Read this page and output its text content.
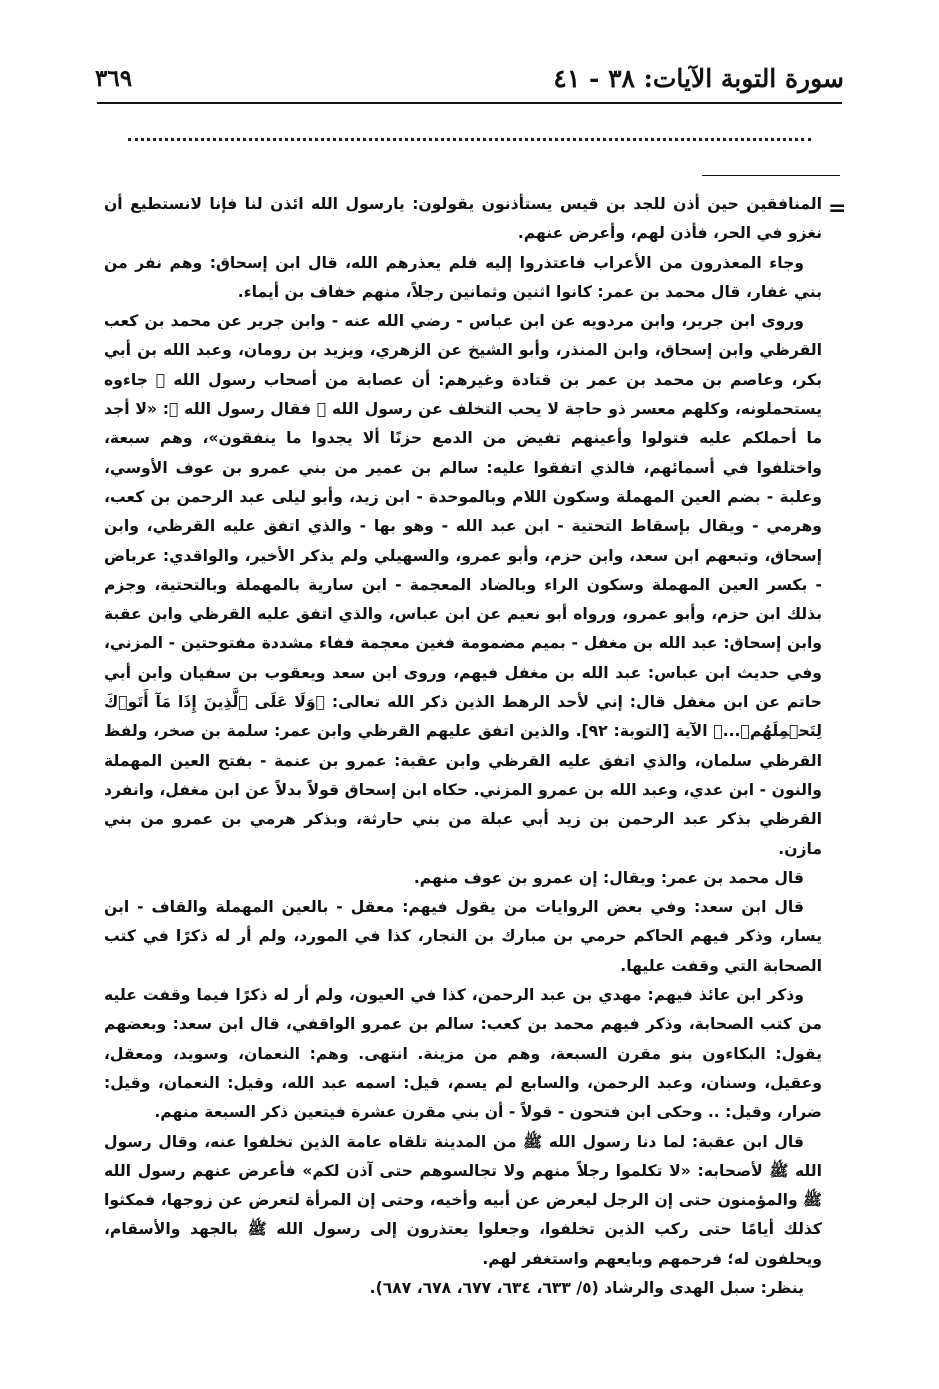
سورة التوبة الآيات: ٣٨ - ٤١
٣٦٩
=

المنافقين حين أذن للجد بن قيس يستأذنون يقولون: يارسول الله ائذن لنا فإنا لانستطيع أن نغزو في الحر، فأذن لهم، وأعرض عنهم.

وجاء المعذرون من الأعراب فاعتذروا إليه فلم يعذرهم الله، قال ابن إسحاق: وهم نفر من بني غفار، قال محمد بن عمر: كانوا اثنين وثمانين رجلاً، منهم خفاف بن أيماء.

وروى ابن جرير، وابن مردويه عن ابن عباس - رضي الله عنه - وابن جرير عن محمد بن كعب القرظي وابن إسحاق، وابن المنذر، وأبو الشيخ عن الزهري، ويزيد بن رومان، وعبد الله بن أبي بكر، وعاصم بن محمد بن عمر بن قتادة وغيرهم: أن عصابة من أصحاب رسول الله ﷺ جاءوه يستحملونه، وكلهم معسر ذو حاجة لا يحب التخلف عن رسول الله ﷺ فقال رسول الله ﷺ: «لا أجد ما أحملكم عليه فتولوا وأعينهم تفيض من الدمع حزنًا ألا يجدوا ما ينفقون»، وهم سبعة، واختلفوا في أسمائهم، فالذي اتفقوا عليه: سالم بن عمير من بني عمرو بن عوف الأوسي، وعلبة - بضم العين المهملة وسكون اللام وبالموحدة - ابن زيد، وأبو ليلى عبد الرحمن بن كعب، وهرمي - ويقال بإسقاط التحتية - ابن عبد الله - وهو بها - والذي اتفق عليه القرظي، وابن إسحاق، وتبعهم ابن سعد، وابن حزم، وأبو عمرو، والسهيلي ولم يذكر الأخير، والواقدي: عرباض - بكسر العين المهملة وسكون الراء وبالضاد المعجمة - ابن سارية بالمهملة وبالتحتية، وجزم بذلك ابن حزم، وأبو عمرو، ورواه أبو نعيم عن ابن عباس، والذي اتفق عليه القرظي وابن عقبة وابن إسحاق: عبد الله بن مغفل - بميم مضمومة فغين معجمة ففاء مشددة مفتوحتين - المزني، وفي حديث ابن عباس: عبد الله بن مغفل فيهم، وروى ابن سعد ويعقوب بن سفيان وابن أبي حاتم عن ابن مغفل قال: إني لأحد الرهط الذين ذكر الله تعالى: ﴿وَلَا عَلَى ٱلَّذِينَ إِذَا مَآ أَتَوۡكَ لِتَحۡمِلَهُمۡ...﴾ الآية [التوبة: ٩٢]. والذين اتفق عليهم القرظي وابن عمر: سلمة بن صخر، ولفظ القرظي سلمان، والذي اتفق عليه القرظي وابن عقبة: عمرو بن عنمة - بفتح العين المهملة والنون - ابن عدي، وعبد الله بن عمرو المزني. حكاه ابن إسحاق قولاً بدلاً عن ابن مغفل، وانفرد القرظي بذكر عبد الرحمن بن زيد أبي عبلة من بني حارثة، وبذكر هرمي بن عمرو من بني مازن.

قال محمد بن عمر: ويقال: إن عمرو بن عوف منهم.

قال ابن سعد: وفي بعض الروايات من يقول فيهم: معقل - بالعين المهملة والقاف - ابن يسار، وذكر فيهم الحاكم حرمي بن مبارك بن النجار، كذا في المورد، ولم أر له ذكرًا في كتب الصحابة التي وقفت عليها.

وذكر ابن عائذ فيهم: مهدي بن عبد الرحمن، كذا في العيون، ولم أر له ذكرًا فيما وقفت عليه من كتب الصحابة، وذكر فيهم محمد بن كعب: سالم بن عمرو الواقفي، قال ابن سعد: وبعضهم يقول: البكاءون بنو مقرن السبعة، وهم من مزينة. انتهى. وهم: النعمان، وسويد، ومعقل، وعقيل، وسنان، وعبد الرحمن، والسابع لم يسم، قيل: اسمه عبد الله، وقيل: النعمان، وقيل: ضرار، وقيل: .. وحكى ابن فتحون - قولاً - أن بني مقرن عشرة فيتعين ذكر السبعة منهم.

قال ابن عقبة: لما دنا رسول الله ﷺ من المدينة تلقاه عامة الذين تخلفوا عنه، وقال رسول الله ﷺ لأصحابه: «لا تكلموا رجلاً منهم ولا تجالسوهم حتى آذن لكم» فأعرض عنهم رسول الله ﷺ والمؤمنون حتى إن الرجل ليعرض عن أبيه وأخيه، وحتى إن المرأة لتعرض عن زوجها، فمكثوا كذلك أيامًا حتى ركب الذين تخلفوا، وجعلوا يعتذرون إلى رسول الله ﷺ بالجهد والأسقام، ويحلفون له؛ فرحمهم وبايعهم واستغفر لهم.

ينظر: سبل الهدى والرشاد (٥/ ٦٣٣، ٦٣٤، ٦٧٧، ٦٧٨، ٦٨٧).
